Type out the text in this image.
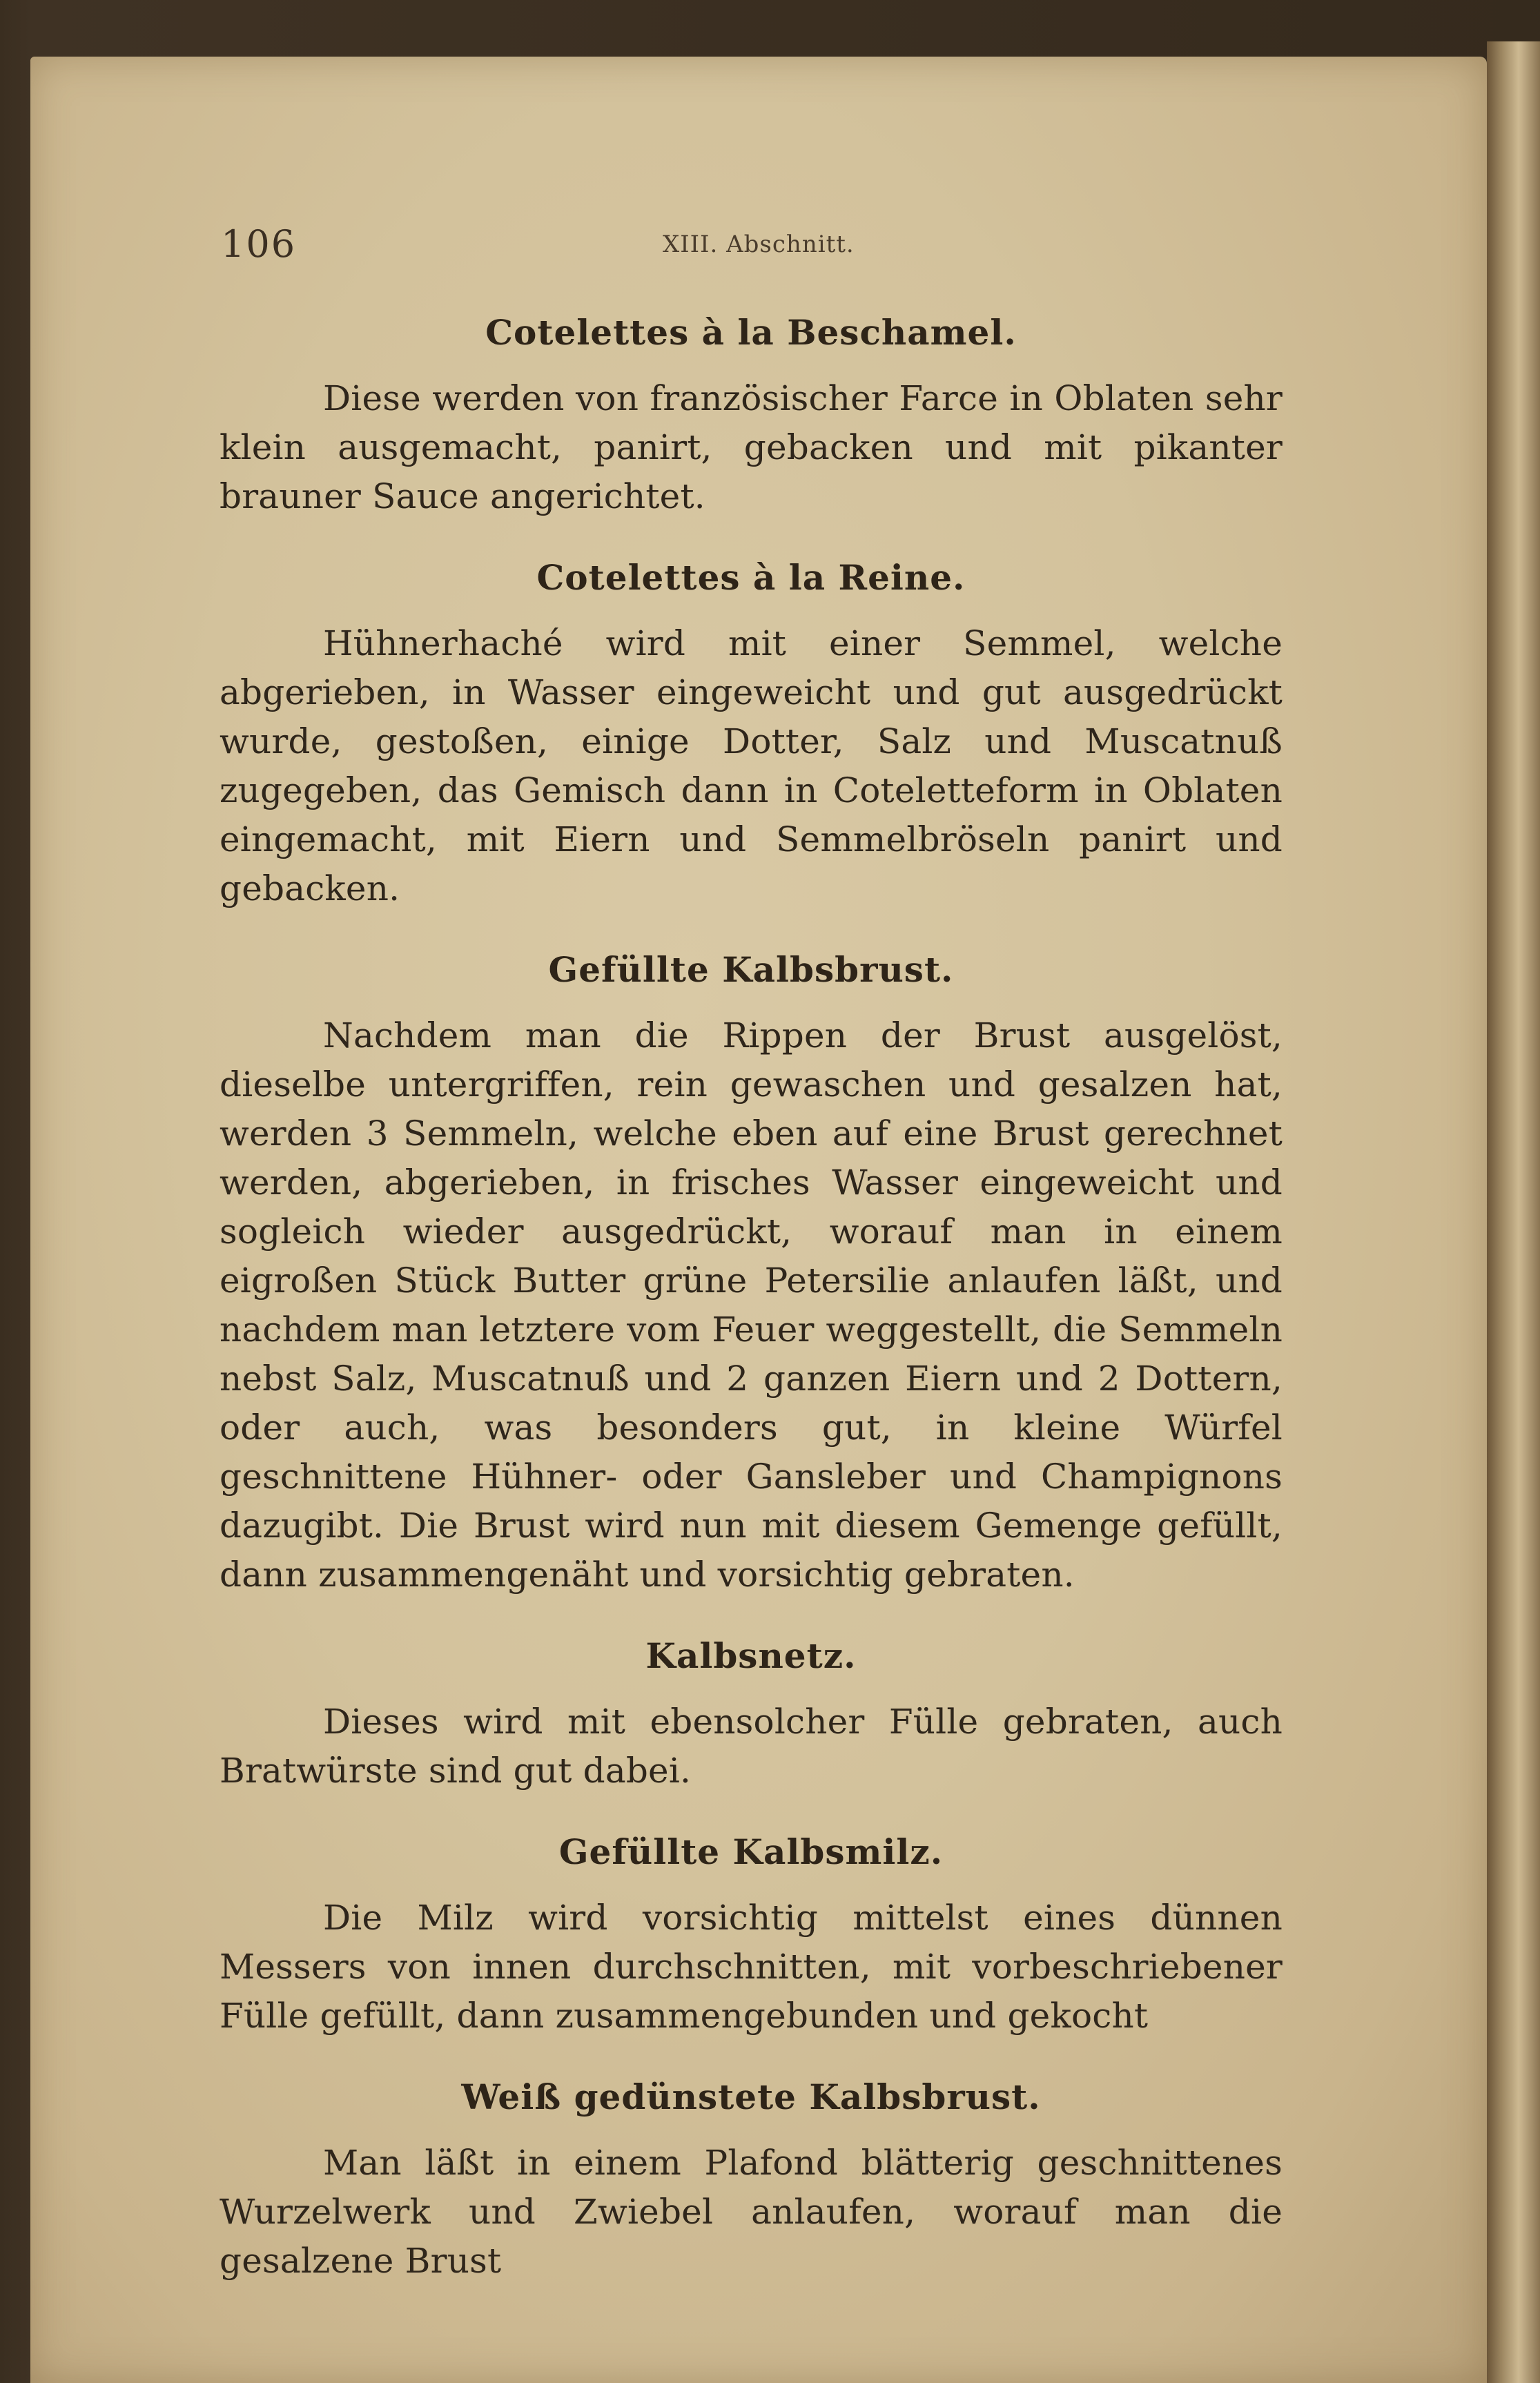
106	XIII. Abschnitt.
Cotelettes à la Beschamel.

Diese werden von französischer Farce in Oblaten sehr klein ausgemacht, panirt, gebacken und mit pikanter brauner Sauce angerichtet.

Cotelettes à la Reine.

Hühnerhaché wird mit einer Semmel, welche abgerieben, in Wasser eingeweicht und gut ausgedrückt wurde, gestoßen, einige Dotter, Salz und Muscatnuß zugegeben, das Gemisch dann in Coteletteform in Oblaten eingemacht, mit Eiern und Semmelbröseln panirt und gebacken.

Gefüllte Kalbsbrust.

Nachdem man die Rippen der Brust ausgelöst, dieselbe untergriffen, rein gewaschen und gesalzen hat, werden 3 Semmeln, welche eben auf eine Brust gerechnet werden, abgerieben, in frisches Wasser eingeweicht und sogleich wieder ausgedrückt, worauf man in einem eigroßen Stück Butter grüne Petersilie anlaufen läßt, und nachdem man letztere vom Feuer weggestellt, die Semmeln nebst Salz, Muscatnuß und 2 ganzen Eiern und 2 Dottern, oder auch, was besonders gut, in kleine Würfel geschnittene Hühner- oder Gansleber und Champignons dazugibt. Die Brust wird nun mit diesem Gemenge gefüllt, dann zusammengenäht und vorsichtig gebraten.

Kalbsnetz.

Dieses wird mit ebensolcher Fülle gebraten, auch Bratwürste sind gut dabei.

Gefüllte Kalbsmilz.

Die Milz wird vorsichtig mittelst eines dünnen Messers von innen durchschnitten, mit vorbeschriebener Fülle gefüllt, dann zusammengebunden und gekocht

Weiß gedünstete Kalbsbrust.

Man läßt in einem Plafond blätterig geschnittenes Wurzelwerk und Zwiebel anlaufen, worauf man die gesalzene Brust
